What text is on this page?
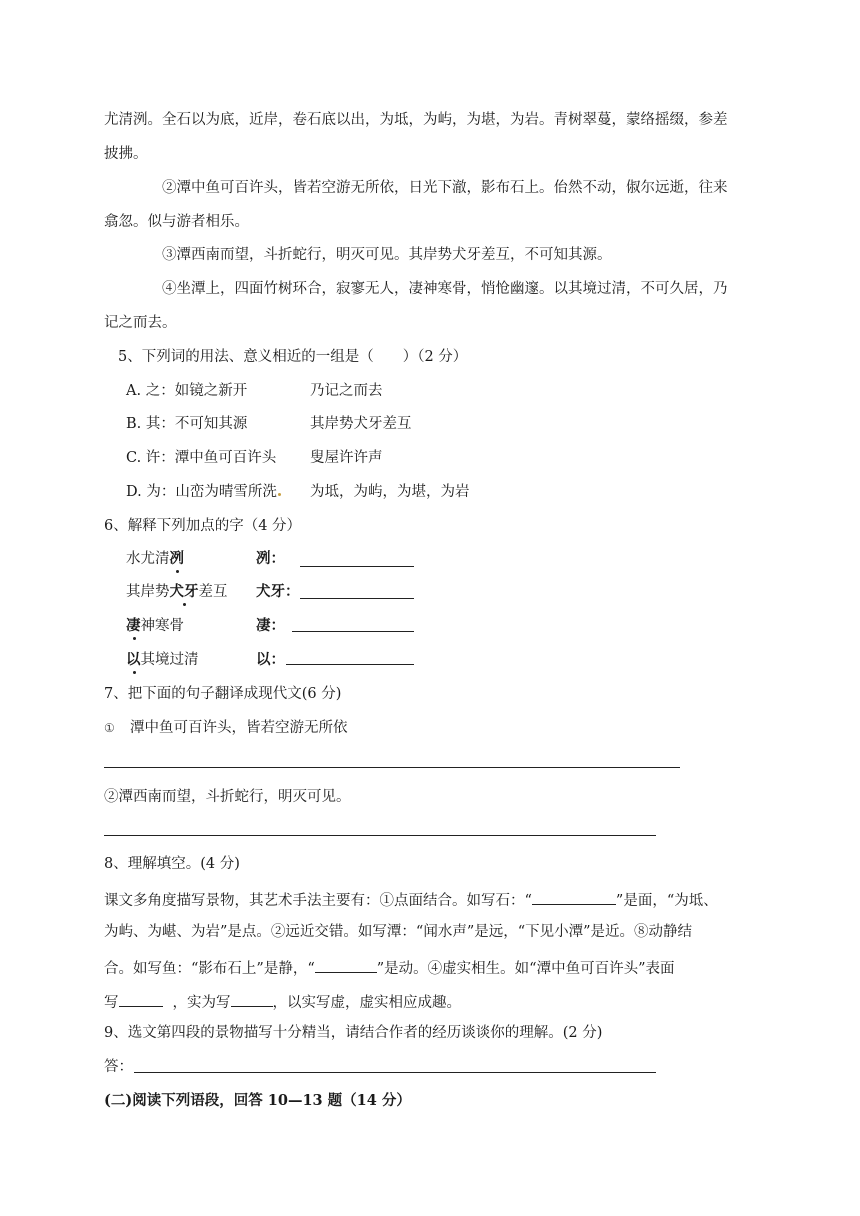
尤清洌。全石以为底，近岸，卷石底以出，为坻，为屿，为堪，为岩。青树翠蔓，蒙络摇缀，参差
披拂。
②潭中鱼可百许头，皆若空游无所依，日光下澈，影布石上。佁然不动，俶尔远逝，往来
翕忽。似与游者相乐。
③潭西南而望，斗折蛇行，明灭可见。其岸势犬牙差互，不可知其源。
④坐潭上，四面竹树环合，寂寥无人，凄神寒骨，悄怆幽邃。以其境过清，不可久居，乃
记之而去。
5、下列词的用法、意义相近的一组是（　　）（2 分）
A. 之：如镜之新开	乃记之而去
B. 其：不可知其源	其岸势犬牙差互
C. 许：潭中鱼可百许头 叟屋许许声
D. 为：山峦为晴雪所洗 为坻，为屿，为堪，为岩
6、解释下列加点的字（4 分）
水尤清冽	冽：
其岸势犬牙差互 犬牙：
凄神寒骨	凄：
以其境过清	以：
7、把下面的句子翻译成现代文(6 分)
① 潭中鱼可百许头，皆若空游无所依
②潭西南而望，斗折蛇行，明灭可见。
8、理解填空。(4 分)
课文多角度描写景物，其艺术手法主要有：①点面结合。如写石：“	”是面，“为坻、
为屿、为嵁、为岩”是点。②远近交错。如写潭：“闻水声”是远，“下见小潭”是近。⑧动静结
合。如写鱼：“影布石上”是静，“	”是动。④虚实相生。如“潭中鱼可百许头”表面
写	，实为写	，以实写虚，虚实相应成趣。
9、选文第四段的景物描写十分精当，请结合作者的经历谈谈你的理解。(2 分)
答：
(二)阅读下列语段，回答 10—13 题（14 分）
